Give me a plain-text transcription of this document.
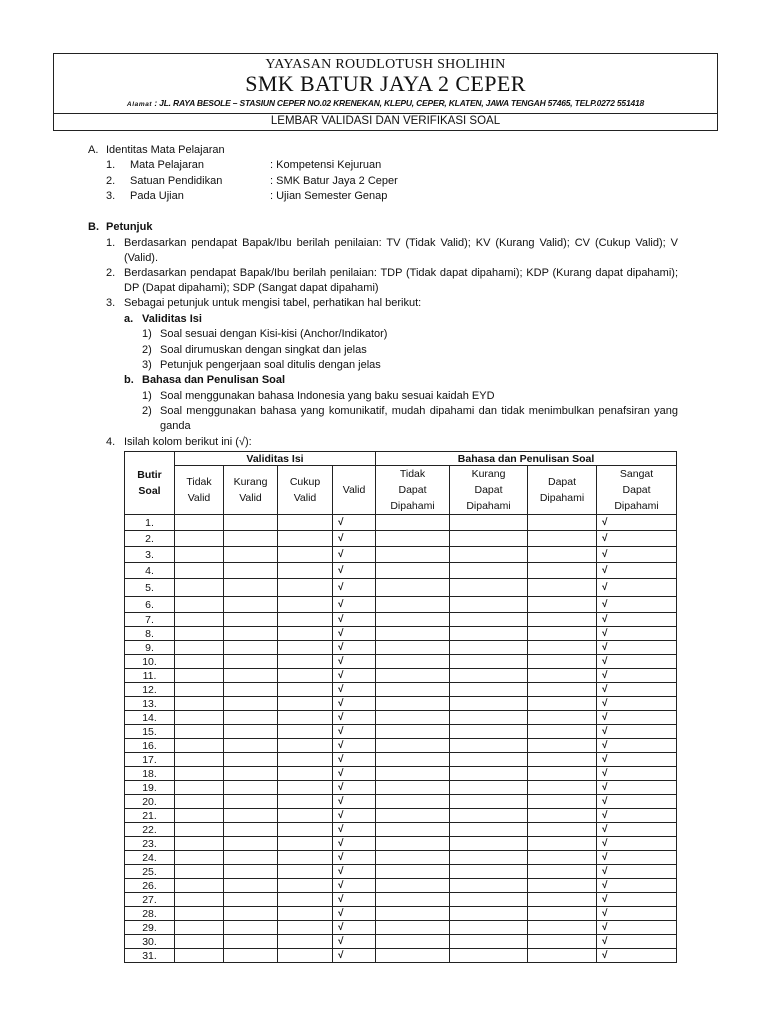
YAYASAN ROUDLOTUSH SHOLIHIN
SMK BATUR JAYA 2 CEPER
Alamat : JL. RAYA BESOLE – STASIUN CEPER NO.02 KRENEKAN, KLEPU, CEPER, KLATEN, JAWA TENGAH 57465, TELP.0272 551418
LEMBAR VALIDASI DAN VERIFIKASI SOAL
A. Identitas Mata Pelajaran
1. Mata Pelajaran	: Kompetensi Kejuruan
2. Satuan Pendidikan	: SMK Batur Jaya 2 Ceper
3. Pada Ujian	: Ujian Semester Genap
B. Petunjuk
1. Berdasarkan pendapat Bapak/Ibu berilah penilaian: TV (Tidak Valid); KV (Kurang Valid); CV (Cukup Valid); V (Valid).
2. Berdasarkan pendapat Bapak/Ibu berilah penilaian: TDP (Tidak dapat dipahami); KDP (Kurang dapat dipahami); DP (Dapat dipahami); SDP (Sangat dapat dipahami)
3. Sebagai petunjuk untuk mengisi tabel, perhatikan hal berikut:
a. Validitas Isi
1) Soal sesuai dengan Kisi-kisi (Anchor/Indikator)
2) Soal dirumuskan dengan singkat dan jelas
3) Petunjuk pengerjaan soal ditulis dengan jelas
b. Bahasa dan Penulisan Soal
1) Soal menggunakan bahasa Indonesia yang baku sesuai kaidah EYD
2) Soal menggunakan bahasa yang komunikatif, mudah dipahami dan tidak menimbulkan penafsiran yang ganda
4. Isilah kolom berikut ini (√):
Butir Soal	Validitas Isi				Bahasa dan Penulisan Soal			
	Tidak Valid	Kurang Valid	Cukup Valid	Valid	Tidak Dapat Dipahami	Kurang Dapat Dipahami	Dapat Dipahami	Sangat Dapat Dipahami
1.				√				√
2.				√				√
3.				√				√
4.				√				√
5.				√				√
6.				√				√
7.				√				√
8.				√				√
9.				√				√
10.				√				√
11.				√				√
12.				√				√
13.				√				√
14.				√				√
15.				√				√
16.				√				√
17.				√				√
18.				√				√
19.				√				√
20.				√				√
21.				√				√
22.				√				√
23.				√				√
24.				√				√
25.				√				√
26.				√				√
27.				√				√
28.				√				√
29.				√				√
30.				√				√
31.				√				√
